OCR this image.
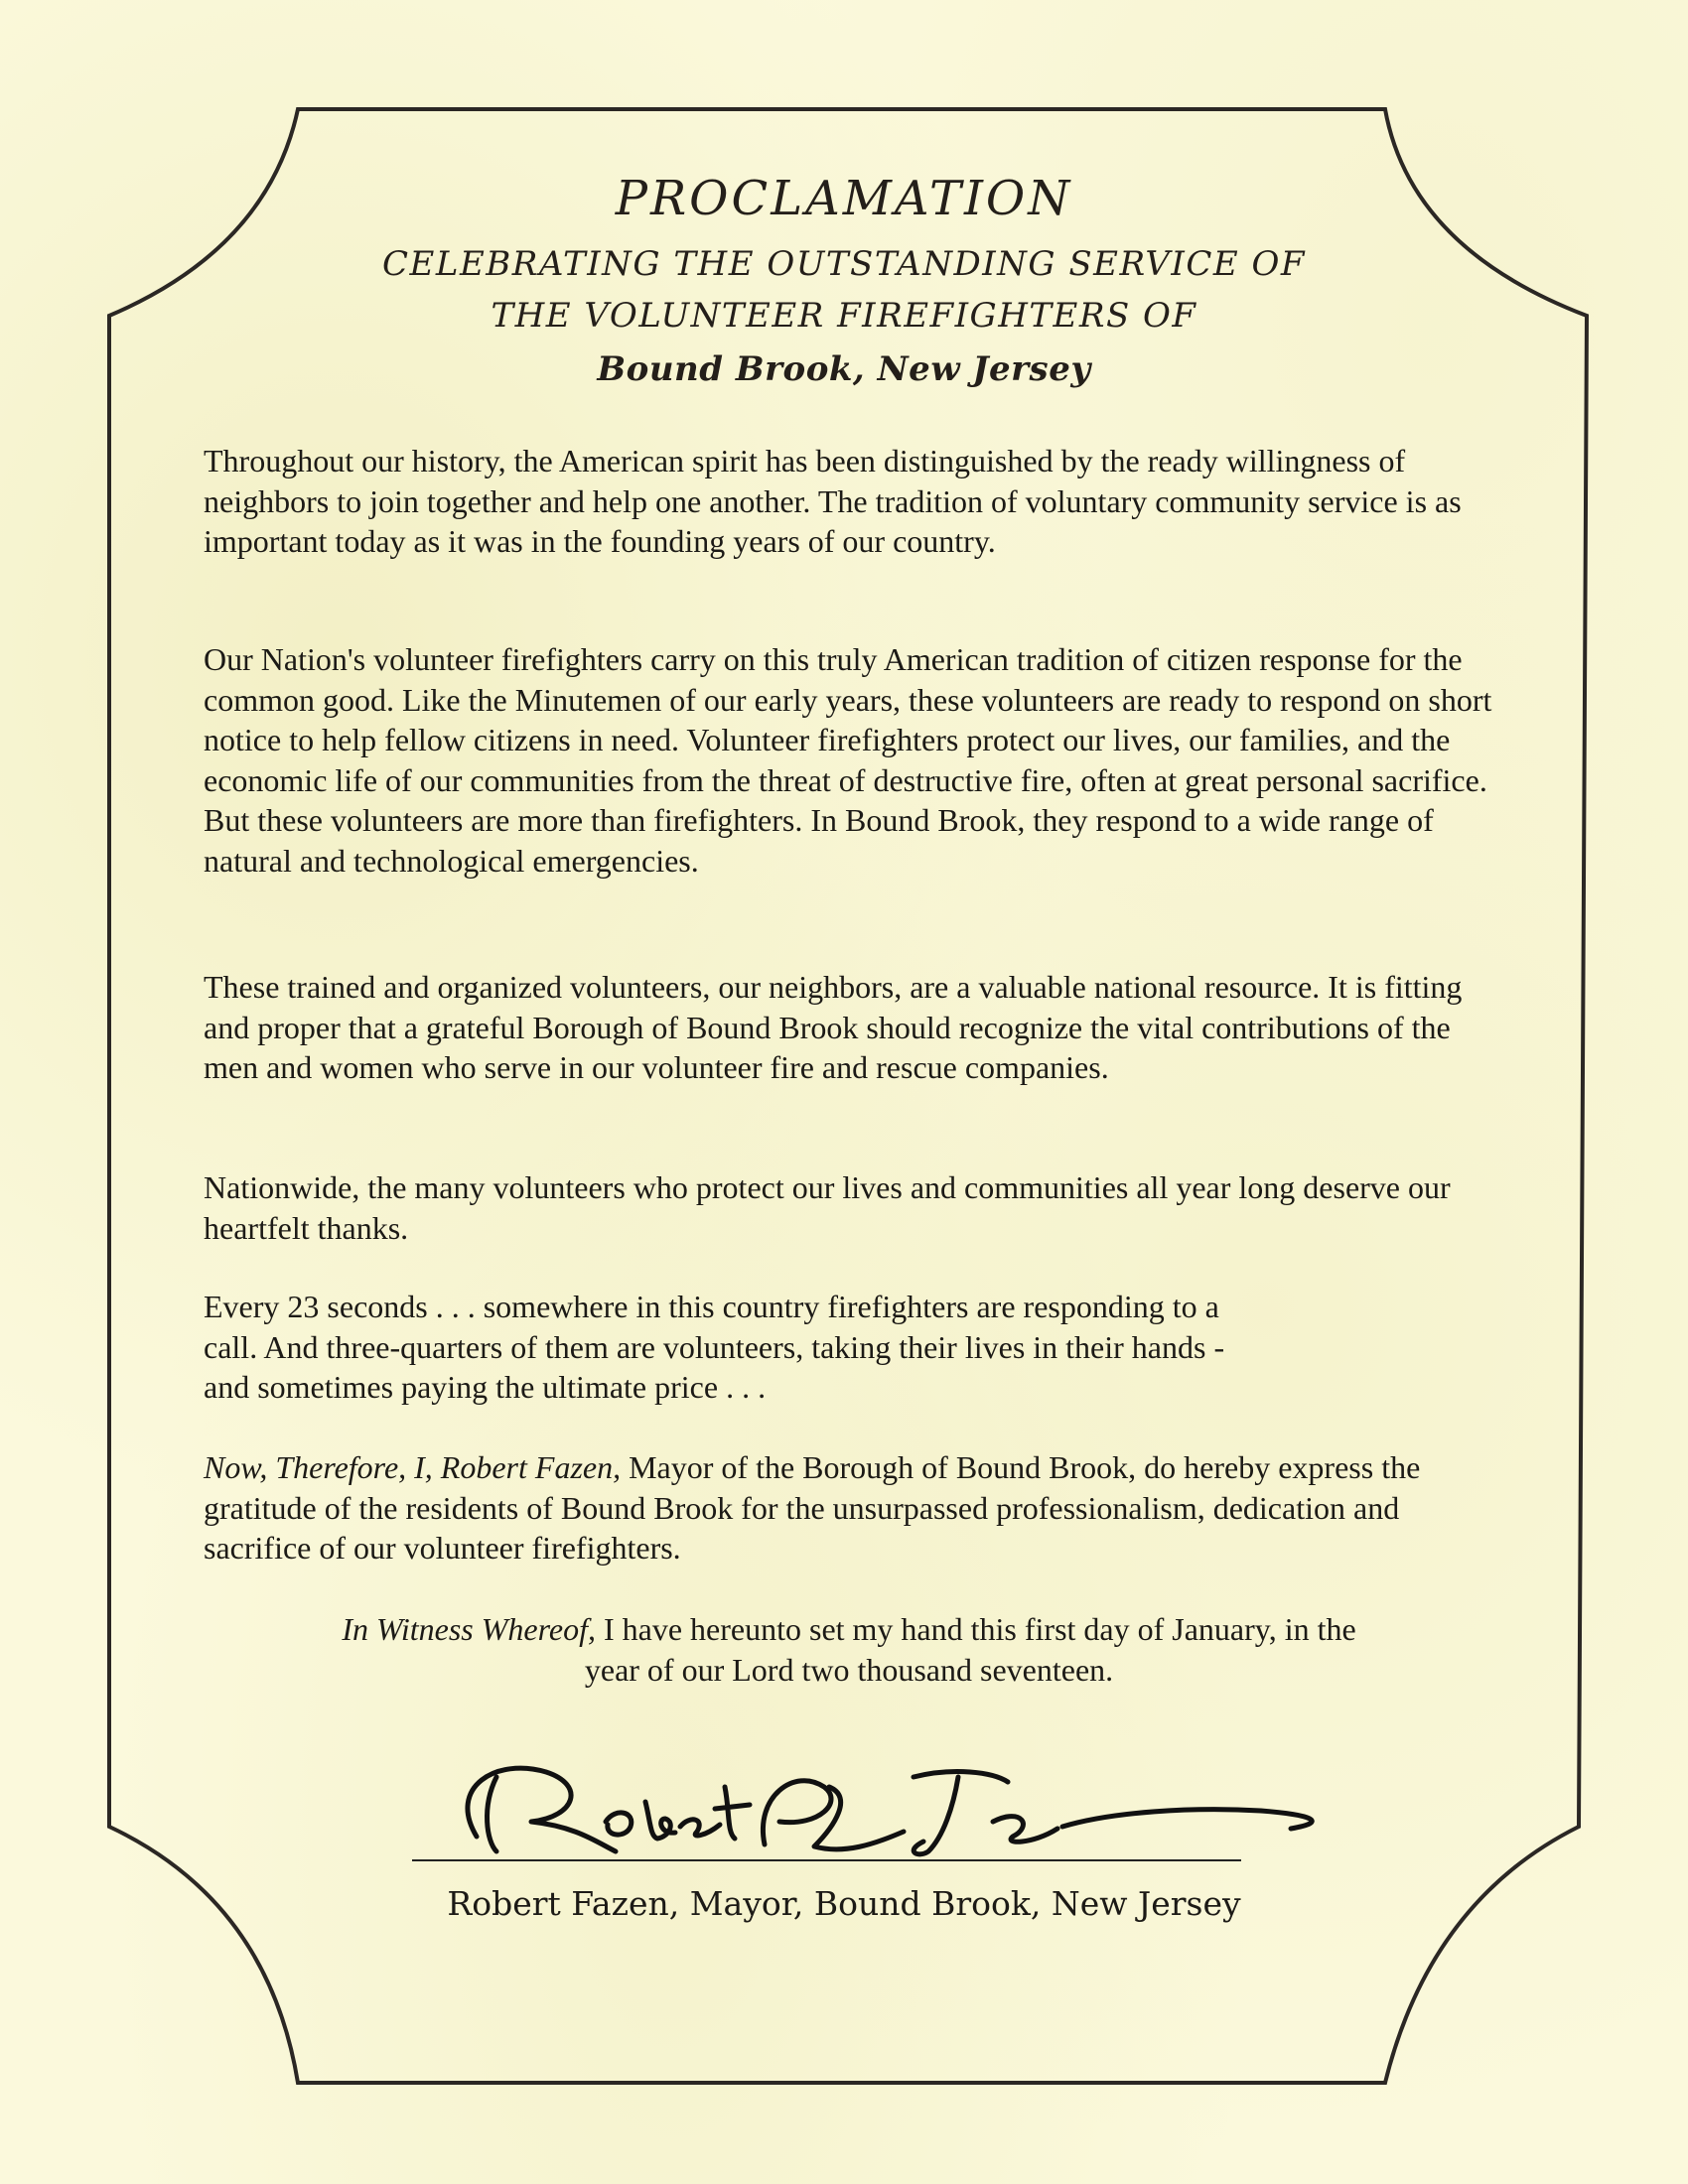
PROCLAMATION
CELEBRATING THE OUTSTANDING SERVICE OF
THE VOLUNTEER FIREFIGHTERS OF
Bound Brook, New Jersey

Throughout our history, the American spirit has been distinguished by the ready willingness of neighbors to join together and help one another. The tradition of voluntary community service is as important today as it was in the founding years of our country.

Our Nation's volunteer firefighters carry on this truly American tradition of citizen response for the common good. Like the Minutemen of our early years, these volunteers are ready to respond on short notice to help fellow citizens in need. Volunteer firefighters protect our lives, our families, and the economic life of our communities from the threat of destructive fire, often at great personal sacrifice. But these volunteers are more than firefighters. In Bound Brook, they respond to a wide range of natural and technological emergencies.

These trained and organized volunteers, our neighbors, are a valuable national resource. It is fitting and proper that a grateful Borough of Bound Brook should recognize the vital contributions of the men and women who serve in our volunteer fire and rescue companies.

Nationwide, the many volunteers who protect our lives and communities all year long deserve our heartfelt thanks.

Every 23 seconds . . . somewhere in this country firefighters are responding to a

call. And three-quarters of them are volunteers, taking their lives in their hands -

and sometimes paying the ultimate price . . .

Now, Therefore, I, Robert Fazen, Mayor of the Borough of Bound Brook, do hereby express the gratitude of the residents of Bound Brook for the unsurpassed professionalism, dedication and sacrifice of our volunteer firefighters.

In Witness Whereof, I have hereunto set my hand this first day of January, in the

year of our Lord two thousand seventeen.

Robert Fazen, Mayor, Bound Brook, New Jersey
